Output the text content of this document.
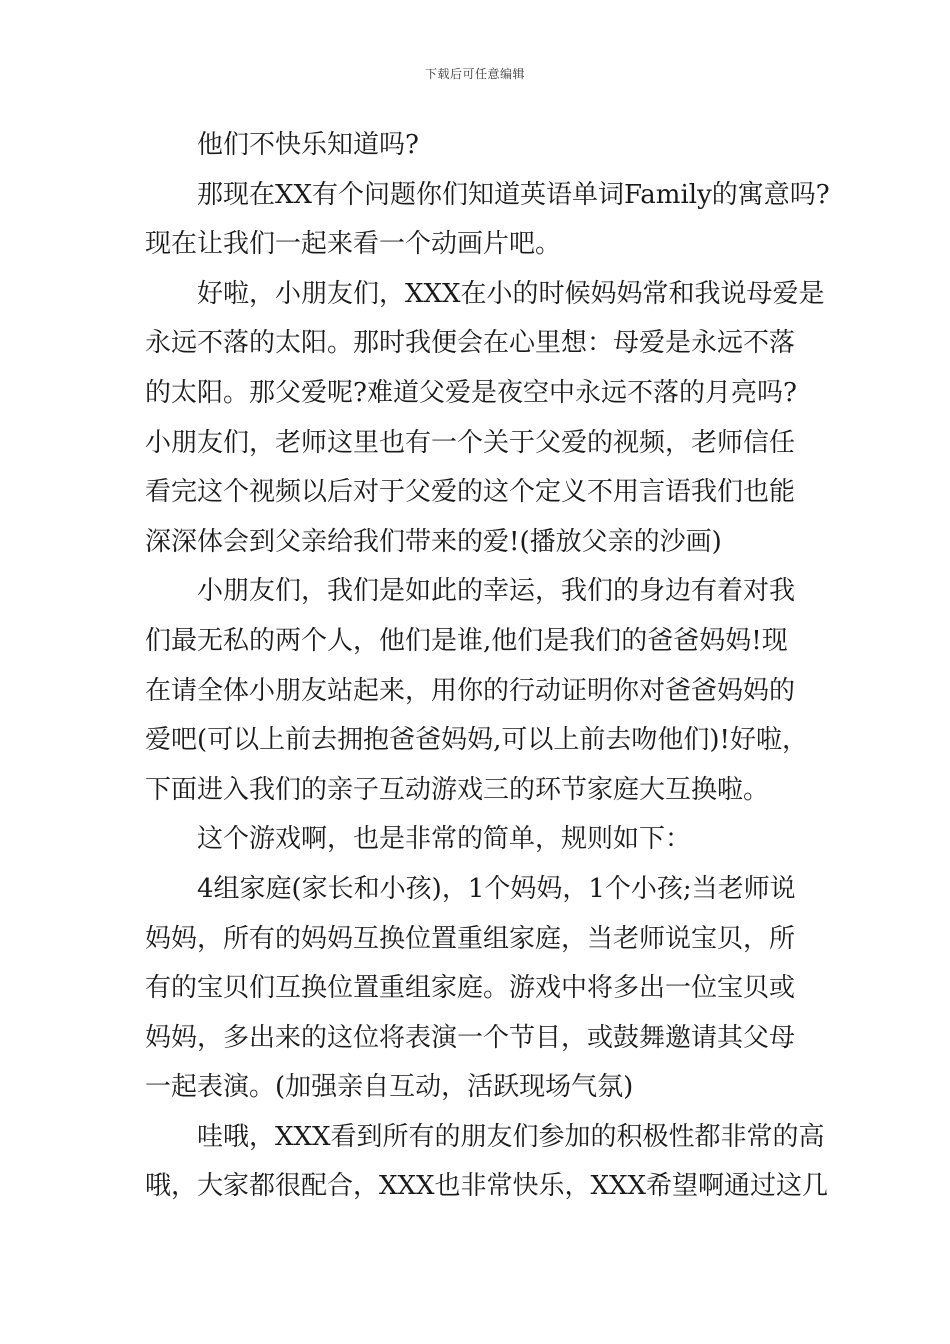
下载后可任意编辑
他们不快乐知道吗?
那现在XX有个问题你们知道英语单词Family的寓意吗?
现在让我们一起来看一个动画片吧。
好啦，小朋友们，XXX在小的时候妈妈常和我说母爱是
永远不落的太阳。那时我便会在心里想：母爱是永远不落
的太阳。那父爱呢?难道父爱是夜空中永远不落的月亮吗?
小朋友们，老师这里也有一个关于父爱的视频，老师信任
看完这个视频以后对于父爱的这个定义不用言语我们也能
深深体会到父亲给我们带来的爱!(播放父亲的沙画)
小朋友们，我们是如此的幸运，我们的身边有着对我
们最无私的两个人，他们是谁,他们是我们的爸爸妈妈!现
在请全体小朋友站起来，用你的行动证明你对爸爸妈妈的
爱吧(可以上前去拥抱爸爸妈妈,可以上前去吻他们)!好啦，
下面进入我们的亲子互动游戏三的环节家庭大互换啦。
这个游戏啊，也是非常的简单，规则如下：
4组家庭(家长和小孩)，1个妈妈，1个小孩;当老师说
妈妈，所有的妈妈互换位置重组家庭，当老师说宝贝，所
有的宝贝们互换位置重组家庭。游戏中将多出一位宝贝或
妈妈，多出来的这位将表演一个节目，或鼓舞邀请其父母
一起表演。(加强亲自互动，活跃现场气氛)
哇哦，XXX看到所有的朋友们参加的积极性都非常的高
哦，大家都很配合，XXX也非常快乐，XXX希望啊通过这几
